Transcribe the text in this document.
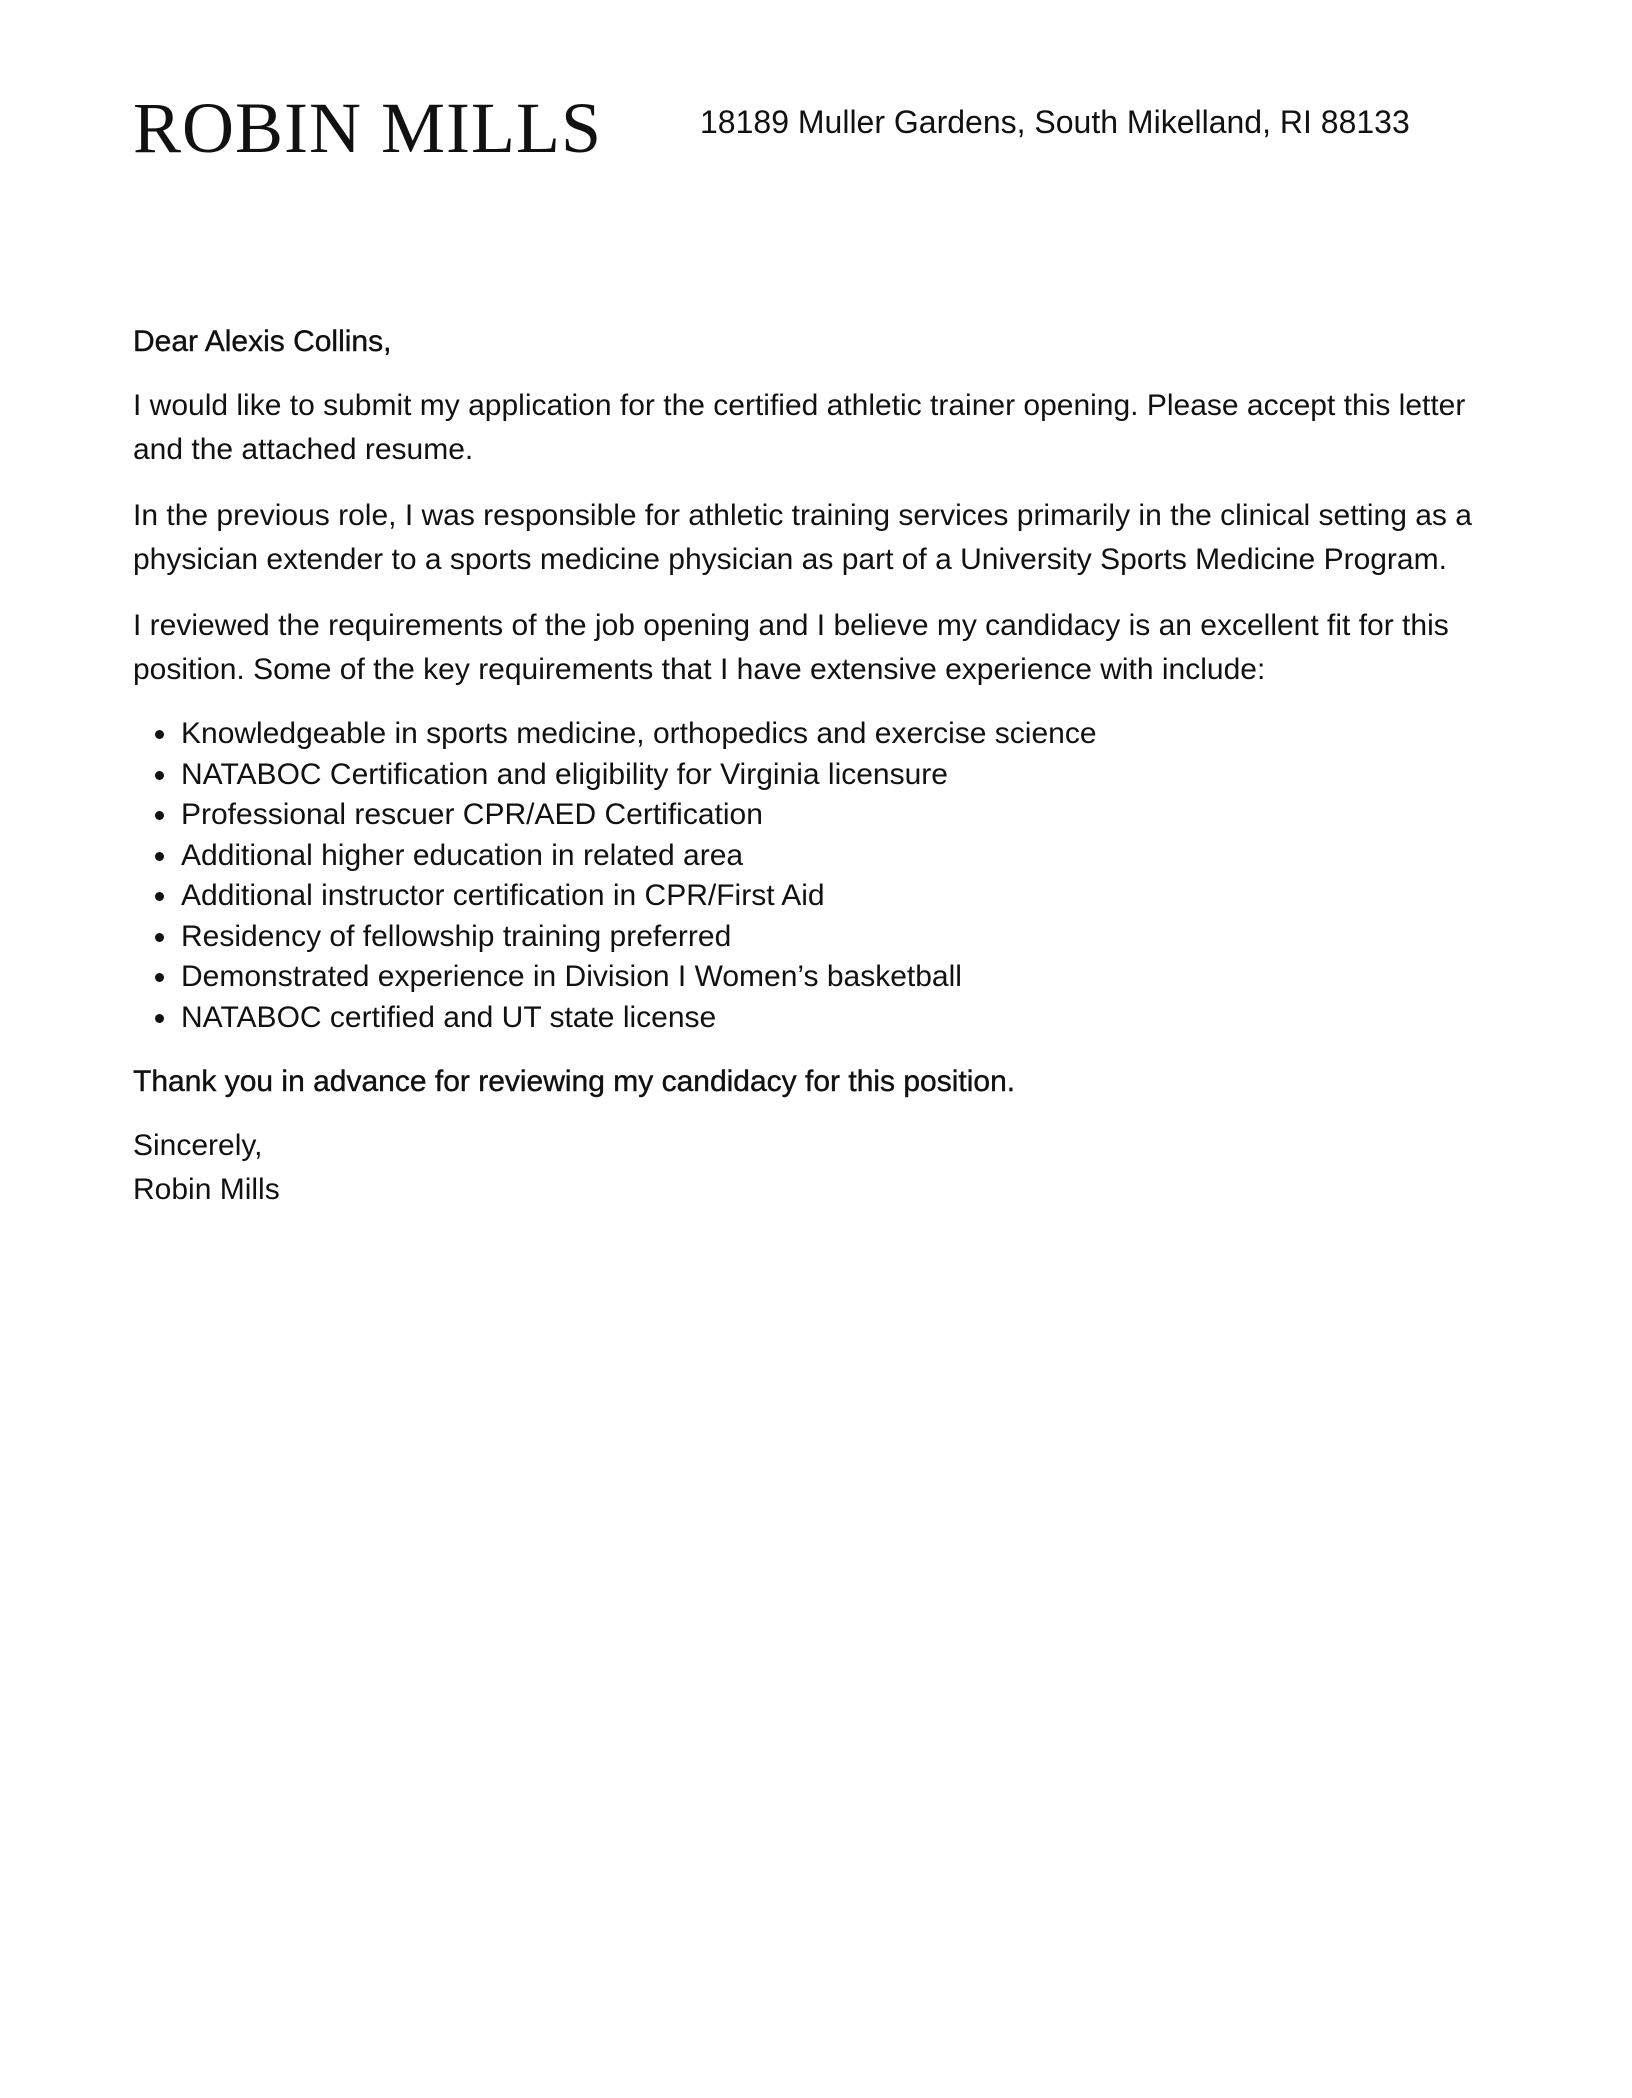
ROBIN MILLS	18189 Muller Gardens, South Mikelland, RI 88133

Dear Alexis Collins,

I would like to submit my application for the certified athletic trainer opening. Please accept this letter and the attached resume.

In the previous role, I was responsible for athletic training services primarily in the clinical setting as a physician extender to a sports medicine physician as part of a University Sports Medicine Program.

I reviewed the requirements of the job opening and I believe my candidacy is an excellent fit for this position. Some of the key requirements that I have extensive experience with include:

Knowledgeable in sports medicine, orthopedics and exercise science
NATABOC Certification and eligibility for Virginia licensure
Professional rescuer CPR/AED Certification
Additional higher education in related area
Additional instructor certification in CPR/First Aid
Residency of fellowship training preferred
Demonstrated experience in Division I Women’s basketball
NATABOC certified and UT state license

Thank you in advance for reviewing my candidacy for this position.

Sincerely,
Robin Mills
